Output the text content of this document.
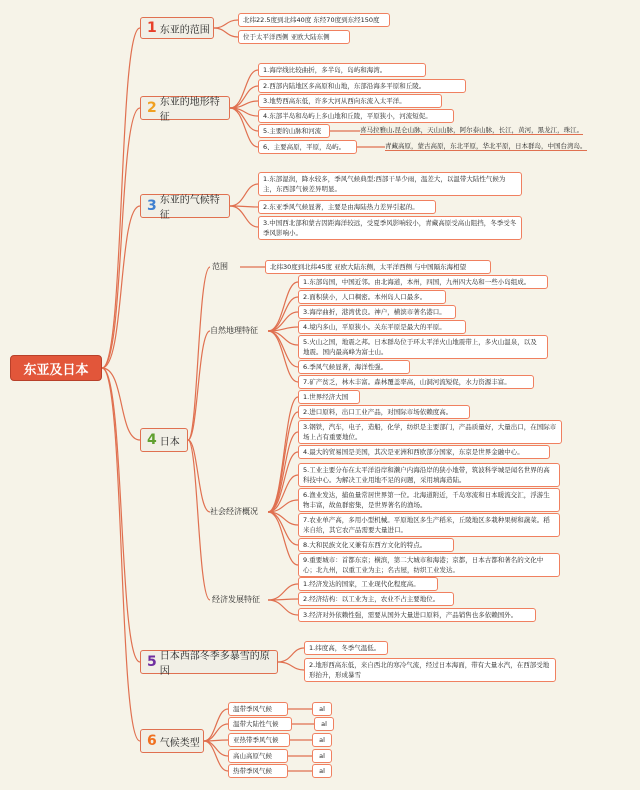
东亚及日本
1 东亚的范围
北纬22.5度到北纬40度 东经70度到东经150度
位于太平洋西侧 亚欧大陆东侧
2 东亚的地形特征
1.海岸线比较曲折，多半岛，岛屿和海湾。
2.西部内陆地区多高原和山地，东部沿海多平原和丘陵。
3.地势西高东低，许多大河从西向东流入太平洋。
4.东部半岛和岛屿上多山地和丘陵，平原狭小，河流短促。
5.主要的山脉和河流
6、主要高原，平原，岛屿。
喜马拉雅山,昆仑山脉，天山山脉，阿尔泰山脉，长江，黄河，黑龙江，珠江。
青藏高原，蒙古高原，东北平原，华北平原，日本群岛，中国台湾岛。
3 东亚的气候特征
1.东部湿润，降水较多，季风气候典型;西部干旱少雨，温差大，以温带大陆性气候为主，东西部气候差异明显。
2.东亚季风气候显著，主要是由海陆热力差异引起的。
3.中国西北部和蒙古因距海洋较远，受夏季风影响较小，青藏高原受高山阻挡，冬季受冬季风影响小。
4 日本
范围	北纬30度到北纬45度 亚欧大陆东侧，太平洋西侧 与中国隔东海相望
自然地理特征
1.东部岛国，中国近邻。由北海道，本州，四国，九州四大岛和一些小岛组成。
2.面积狭小，人口稠密。本州岛人口最多。
3.海岸曲折，港湾优良。神户，横滨市著名港口。
4.境内多山，平原狭小。关东平原是最大的平原。
5.火山之国，地震之邦。日本群岛位于环太平洋火山地震带上，多火山温泉，以及地震。国内最高峰为富士山。
6.季风气候显著，海洋性强。
7.矿产贫乏，林木丰富。森林覆盖率高，山洞河流短促，水力资源丰富。
社会经济概况
1.世界经济大国
2.进口原料，出口工业产品，对国际市场依赖度高。
3.钢铁，汽车，电子，造船，化学，纺织是主要部门，产品质量好，大量出口，在国际市场上占有重要地位。
4.最大的贸易国是美国，其次是亚洲和西欧部分国家，东京是世界金融中心。
5.工业主要分布在太平洋沿岸和濑户内海沿岸的狭小地带，筑波科学城是闻名世界的高科技中心。为解决工业用地不足的问题，采用填海造陆。
6.渔业发达，捕鱼量常居世界第一位。北海道附近，千岛寒流和日本暖流交汇，浮游生物丰富，故鱼群密集，是世界著名的渔场。
7.农业单产高，多用小型机械。平原地区多生产稻米，丘陵地区多栽种果树和蔬菜。稻米自给，其它农产品需要大量进口。
8.大和民族文化又兼有东西方文化的特点。
9.重要城市：首都东京；横滨，第二大城市和海港；京都，日本古都和著名的文化中心；北九州，以重工业为主；名古屋，纺织工业发达。
经济发展特征
1.经济发达的国家，工业现代化程度高。
2.经济结构：以工业为主，农业不占主要地位。
3.经济对外依赖性强，需要从国外大量进口原料，产品销售也多依赖国外。
5 日本西部冬季多暴雪的原因
1.纬度高，冬季气温低。
2.地形西高东低，来自西北的寒冷气流，经过日本海面，带有大量水汽，在西部受地形抬升，形成暴雪
6 气候类型
温带季风气候
温带大陆性气候
亚热带季风气候
高山高原气候
热带季风气候
al
al
al
al
al
